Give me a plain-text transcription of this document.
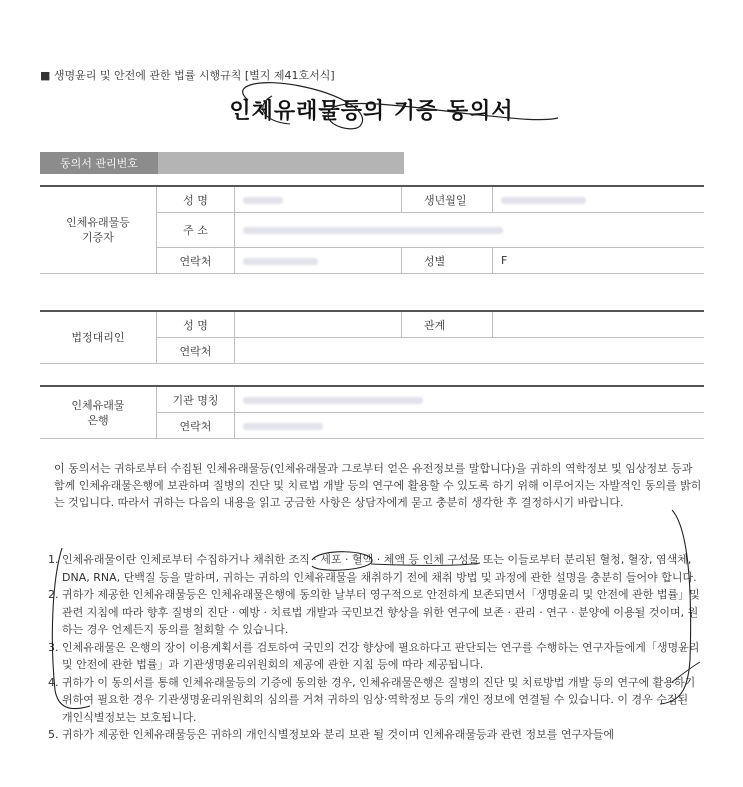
■ 생명윤리 및 안전에 관한 법률 시행규칙 [별지 제41호서식]
인체유래물등의 기증 동의서
동의서 관리번호
인체유래물등
기증자	성 명		생년월일	
	주 소			
	연락처		성별	F
법정대리인	성 명		관계	
	연락처			
인체유래물
은행	기관 명칭	
	연락처	
이 동의서는 귀하로부터 수집된 인체유래물등(인체유래물과 그로부터 얻은 유전정보를 말합니다)을 귀하의 역학정보 및 임상정보 등과 함께 인체유래물은행에 보관하며 질병의 진단 및 치료법 개발 등의 연구에 활용할 수 있도록 하기 위해 이루어지는 자발적인 동의를 밝히는 것입니다. 따라서 귀하는 다음의 내용을 읽고 궁금한 사항은 상담자에게 묻고 충분히 생각한 후 결정하시기 바랍니다.
1. 인체유래물이란 인체로부터 수집하거나 채취한 조직 · 세포 · 혈액 · 체액 등 인체 구성물 또는 이들로부터 분리된 혈청, 혈장, 염색체, DNA, RNA, 단백질 등을 말하며, 귀하는 귀하의 인체유래물을 채취하기 전에 채취 방법 및 과정에 관한 설명을 충분히 들어야 합니다.
2. 귀하가 제공한 인체유래물등은 인체유래물은행에 동의한 날부터 영구적으로 안전하게 보존되면서「생명윤리 및 안전에 관한 법률」및 관련 지침에 따라 향후 질병의 진단 · 예방 · 치료법 개발과 국민보건 향상을 위한 연구에 보존 · 관리 · 연구 · 분양에 이용될 것이며, 원하는 경우 언제든지 동의를 철회할 수 있습니다.
3. 인체유래물은 은행의 장이 이용계획서를 검토하여 국민의 건강 향상에 필요하다고 판단되는 연구를 수행하는 연구자들에게「생명윤리 및 안전에 관한 법률」과 기관생명윤리위원회의 제공에 관한 지침 등에 따라 제공됩니다.
4. 귀하가 이 동의서를 통해 인체유래물등의 기증에 동의한 경우, 인체유래물은행은 질병의 진단 및 치료방법 개발 등의 연구에 활용하기 위하여 필요한 경우 기관생명윤리위원회의 심의를 거쳐 귀하의 임상·역학정보 등의 개인 정보에 연결될 수 있습니다. 이 경우 수집된 개인식별정보는 보호됩니다.
5. 귀하가 제공한 인체유래물등은 귀하의 개인식별정보와 분리 보관 될 것이며 인체유래물등과 관련 정보를 연구자들에
